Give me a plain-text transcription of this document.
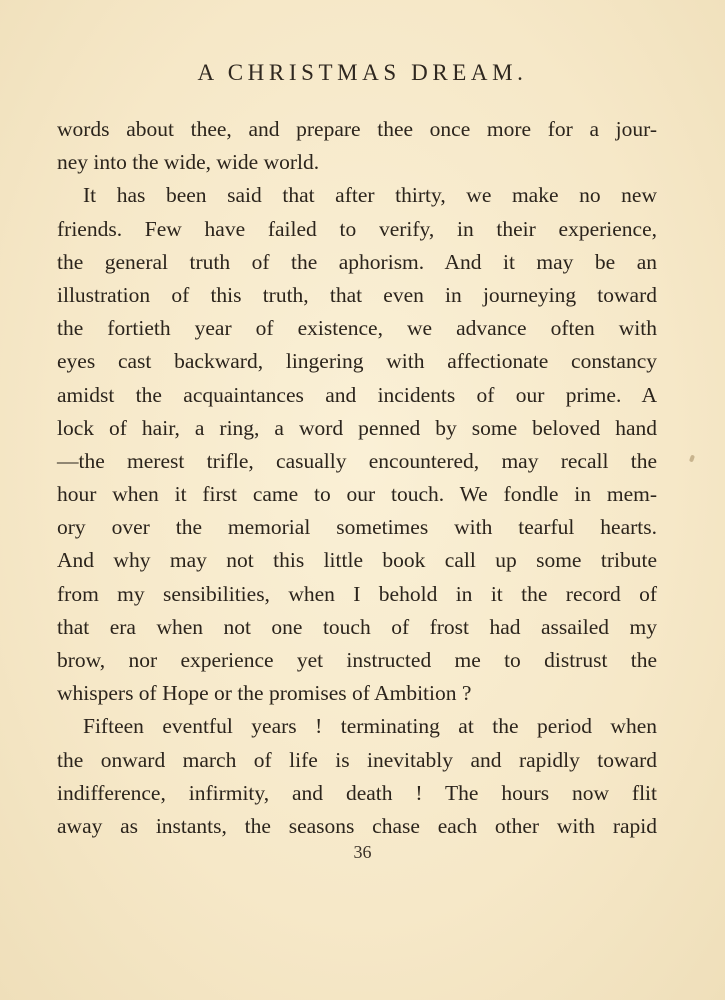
A CHRISTMAS DREAM.
words about thee, and prepare thee once more for a jour-
ney into the wide, wide world.
It has been said that after thirty, we make no new
friends. Few have failed to verify, in their experience,
the general truth of the aphorism. And it may be an
illustration of this truth, that even in journeying toward
the fortieth year of existence, we advance often with
eyes cast backward, lingering with affectionate constancy
amidst the acquaintances and incidents of our prime. A
lock of hair, a ring, a word penned by some beloved hand
—the merest trifle, casually encountered, may recall the
hour when it first came to our touch. We fondle in mem-
ory over the memorial sometimes with tearful hearts.
And why may not this little book call up some tribute
from my sensibilities, when I behold in it the record of
that era when not one touch of frost had assailed my
brow, nor experience yet instructed me to distrust the
whispers of Hope or the promises of Ambition ?
Fifteen eventful years ! terminating at the period when
the onward march of life is inevitably and rapidly toward
indifference, infirmity, and death ! The hours now flit
away as instants, the seasons chase each other with rapid
36
